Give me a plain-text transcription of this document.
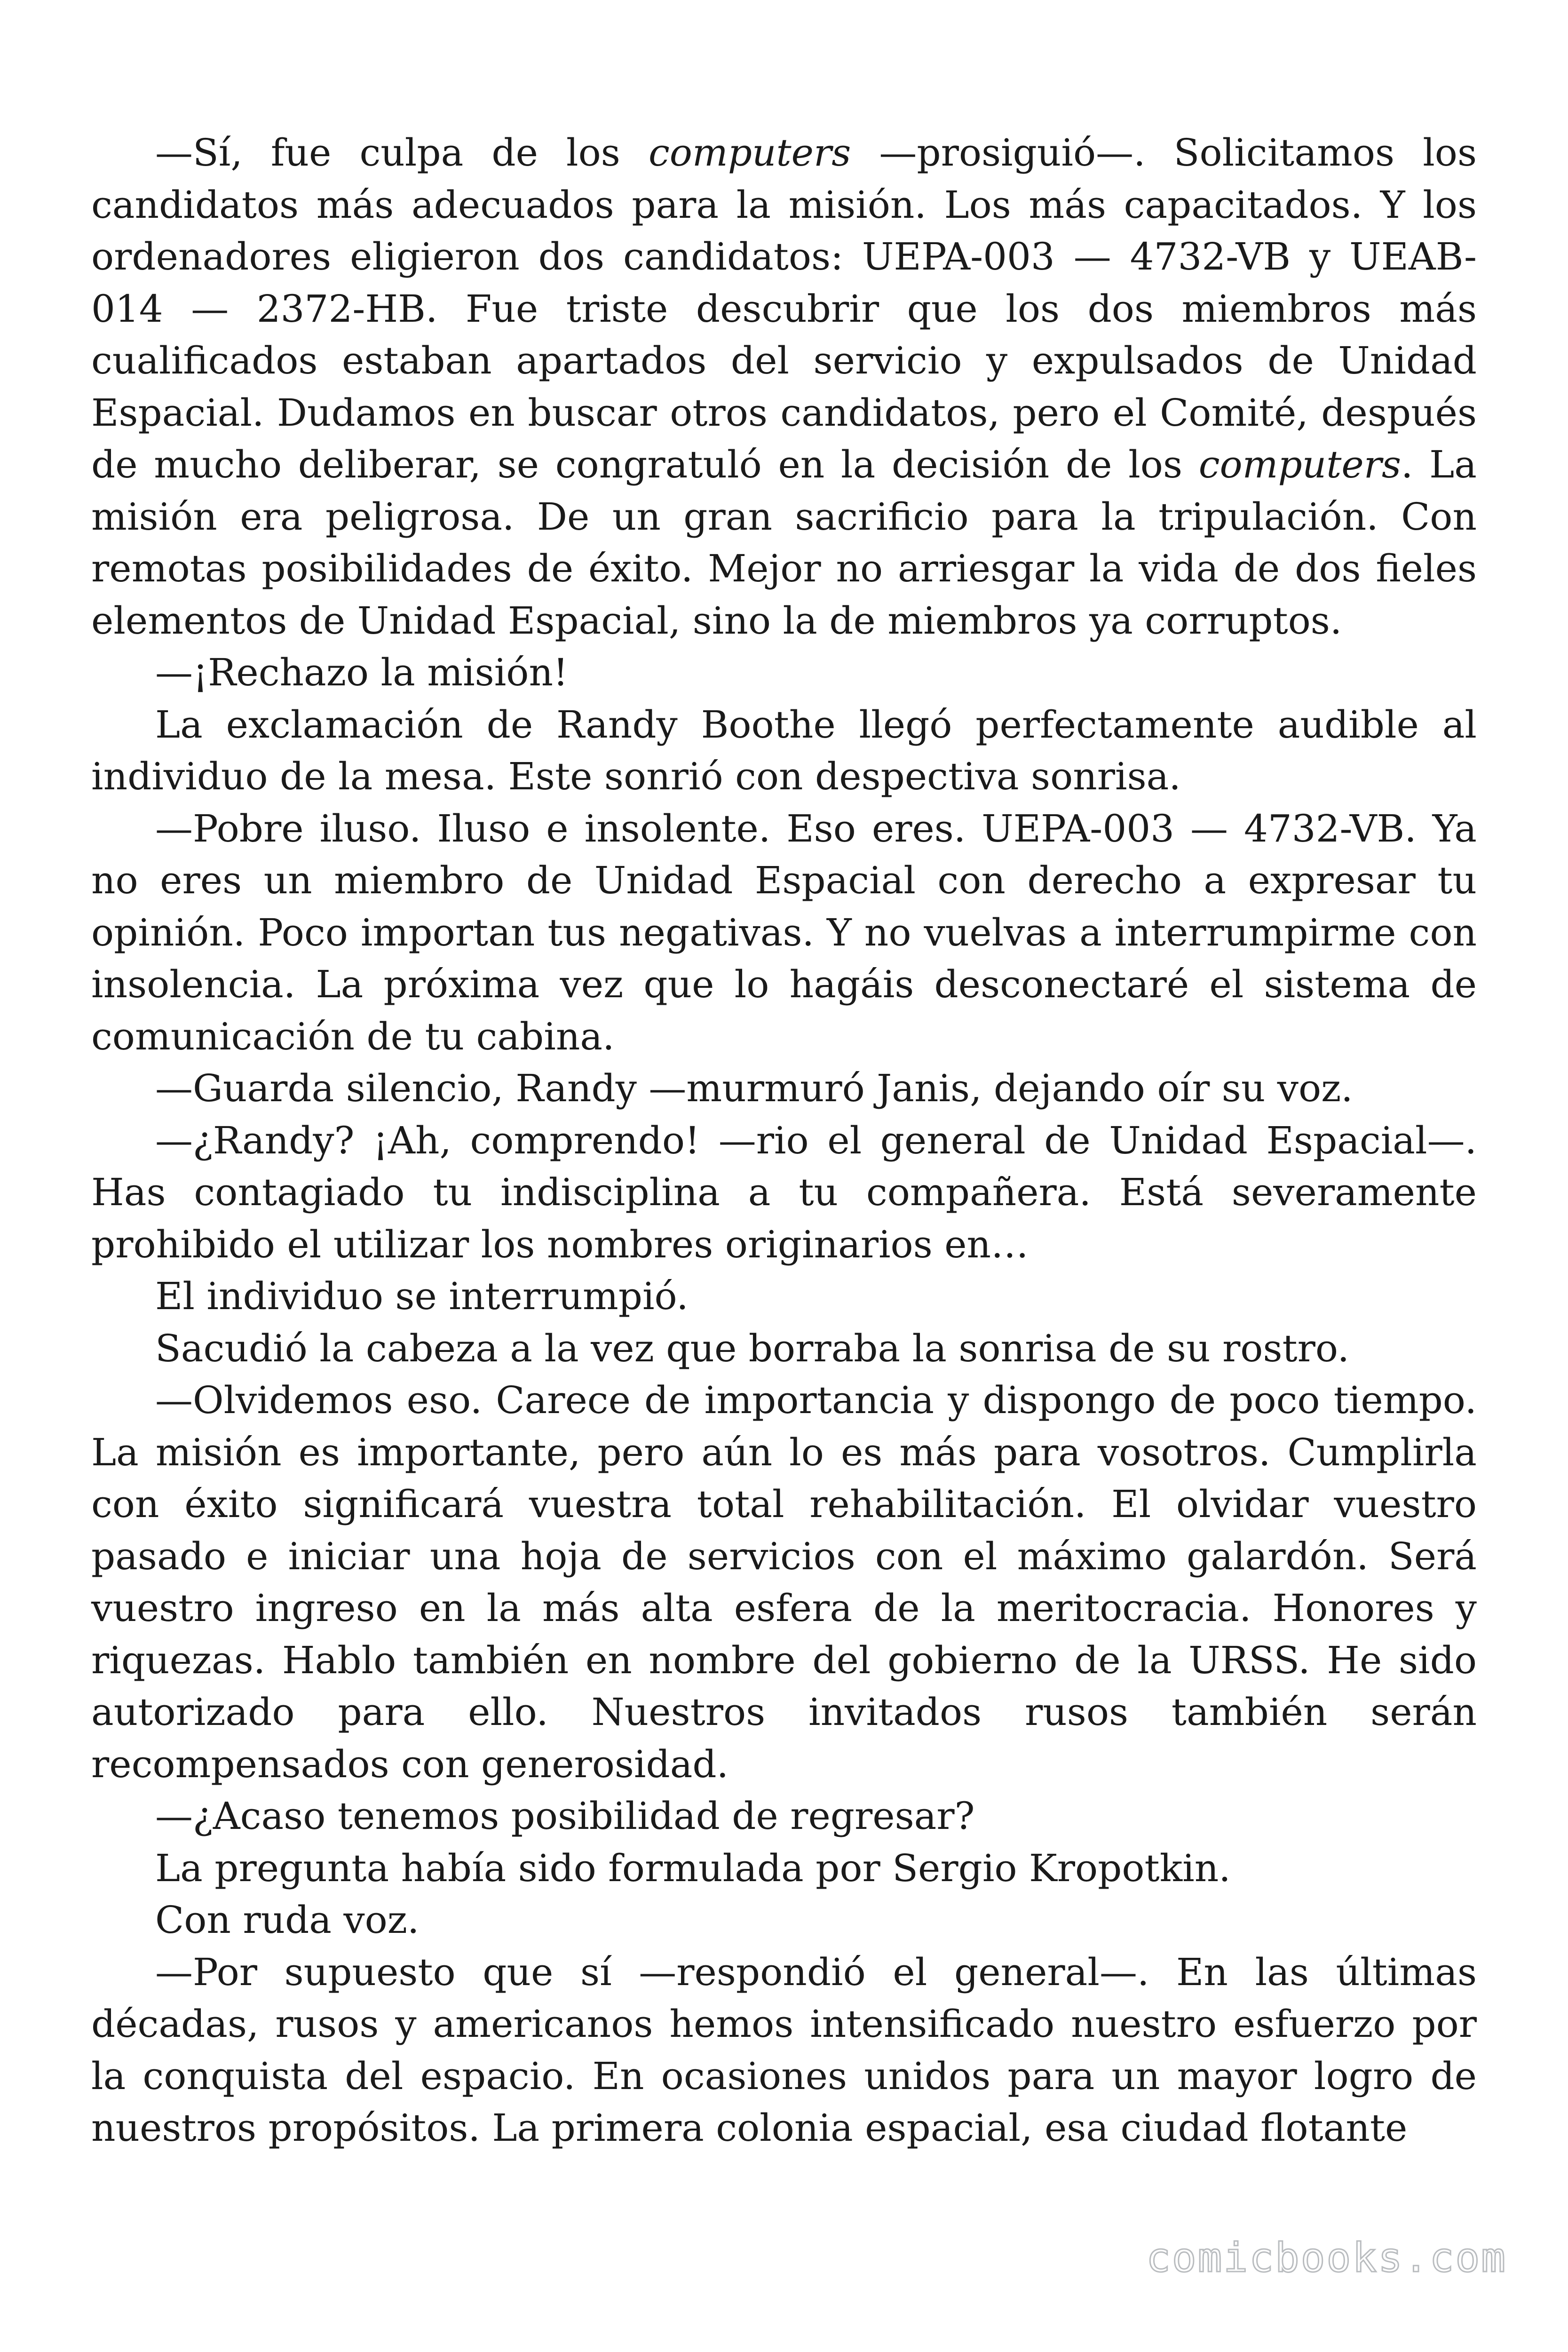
—Sí, fue culpa de los computers —prosiguió—. Solicitamos los candidatos más adecuados para la misión. Los más capacitados. Y los ordenadores eligieron dos candidatos: UEPA-003 — 4732-VB y UEAB-014 — 2372-HB. Fue triste descubrir que los dos miembros más cualificados estaban apartados del servicio y expulsados de Unidad Espacial. Dudamos en buscar otros candidatos, pero el Comité, después de mucho deliberar, se congratuló en la decisión de los computers. La misión era peligrosa. De un gran sacrificio para la tripulación. Con remotas posibilidades de éxito. Mejor no arriesgar la vida de dos fieles elementos de Unidad Espacial, sino la de miembros ya corruptos.

—¡Rechazo la misión!

La exclamación de Randy Boothe llegó perfectamente audible al individuo de la mesa. Este sonrió con despectiva sonrisa.

—Pobre iluso. Iluso e insolente. Eso eres. UEPA-003 — 4732-VB. Ya no eres un miembro de Unidad Espacial con derecho a expresar tu opinión. Poco importan tus negativas. Y no vuelvas a interrumpirme con insolencia. La próxima vez que lo hagáis desconectaré el sistema de comunicación de tu cabina.

—Guarda silencio, Randy —murmuró Janis, dejando oír su voz.

—¿Randy? ¡Ah, comprendo! —rio el general de Unidad Espacial—. Has contagiado tu indisciplina a tu compañera. Está severamente prohibido el utilizar los nombres originarios en…

El individuo se interrumpió.

Sacudió la cabeza a la vez que borraba la sonrisa de su rostro.

—Olvidemos eso. Carece de importancia y dispongo de poco tiempo. La misión es importante, pero aún lo es más para vosotros. Cumplirla con éxito significará vuestra total rehabilitación. El olvidar vuestro pasado e iniciar una hoja de servicios con el máximo galardón. Será vuestro ingreso en la más alta esfera de la meritocracia. Honores y riquezas. Hablo también en nombre del gobierno de la URSS. He sido autorizado para ello. Nuestros invitados rusos también serán recompensados con generosidad.

—¿Acaso tenemos posibilidad de regresar?

La pregunta había sido formulada por Sergio Kropotkin.

Con ruda voz.

—Por supuesto que sí —respondió el general—. En las últimas décadas, rusos y americanos hemos intensificado nuestro esfuerzo por la conquista del espacio. En ocasiones unidos para un mayor logro de nuestros propósitos. La primera colonia espacial, esa ciudad flotante

comicbooks.com
